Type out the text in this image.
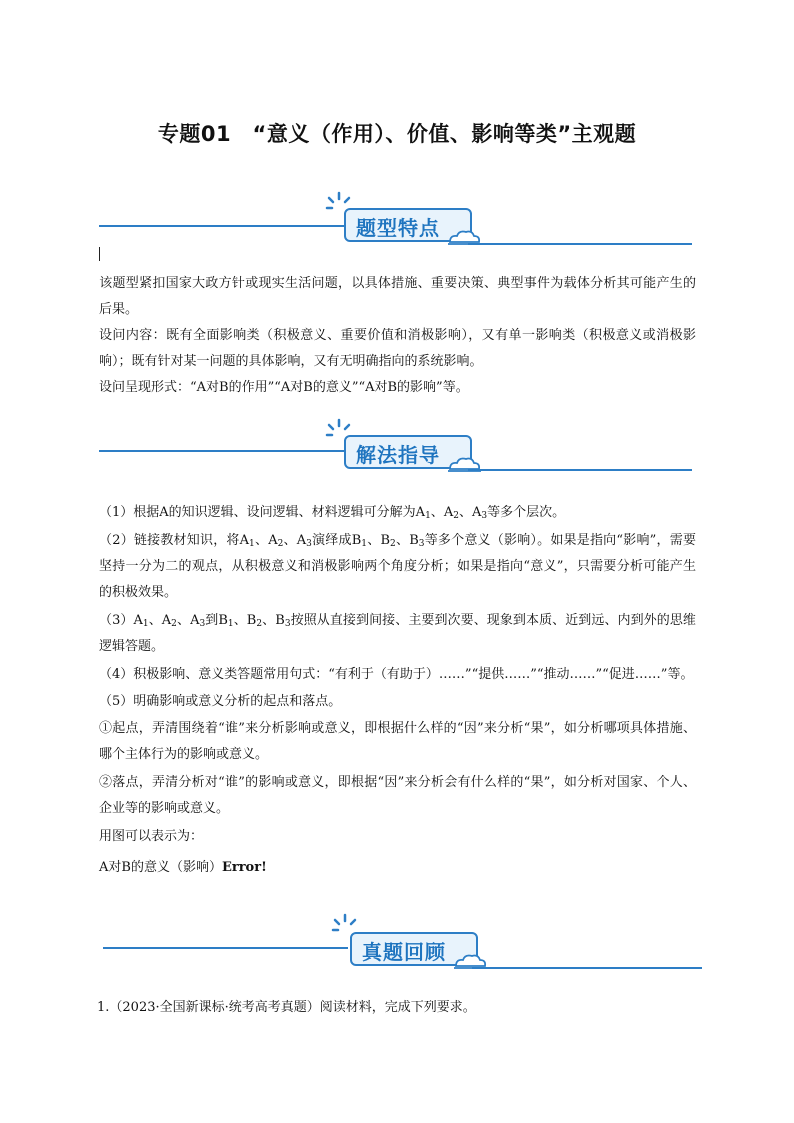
专题01　“意义（作用）、价值、影响等类”主观题
题型特点
该题型紧扣国家大政方针或现实生活问题，以具体措施、重要决策、典型事件为载体分析其可能产生的后果。
设问内容：既有全面影响类（积极意义、重要价值和消极影响），又有单一影响类（积极意义或消极影响）；既有针对某一问题的具体影响，又有无明确指向的系统影响。
设问呈现形式：“A对B的作用”“A对B的意义”“A对B的影响”等。
解法指导
（1）根据A的知识逻辑、设问逻辑、材料逻辑可分解为$A_1$、$A_2$、$A_3$等多个层次。
（2）链接教材知识，将$A_1$、$A_2$、$A_3$演绎成$B_1$、$B_2$、$B_3$等多个意义（影响）。如果是指向“影响”，需要坚持一分为二的观点，从积极意义和消极影响两个角度分析；如果是指向“意义”，只需要分析可能产生的积极效果。
$(3)A_1$、$A_2$、$A_3$到$B_1$、$B_2$、$B_3$按照从直接到间接、主要到次要、现象到本质、近到远、内到外的思维逻辑答题。
（4）积极影响、意义类答题常用句式：“有利于（有助于）……”“提供……”“推动……”“促进……”等。
（5）明确影响或意义分析的起点和落点。
①起点，弄清围绕着“谁”来分析影响或意义，即根据什么样的“因”来分析“果”，如分析哪项具体措施、哪个主体行为的影响或意义。
②落点，弄清分析对“谁”的影响或意义，即根据“因”来分析会有什么样的“果”，如分析对国家、个人、企业等的影响或意义。
用图可以表示为：
A对B的意义（影响）Error!
真题回顾
1.（2023·全国新课标·统考高考真题）阅读材料，完成下列要求。
